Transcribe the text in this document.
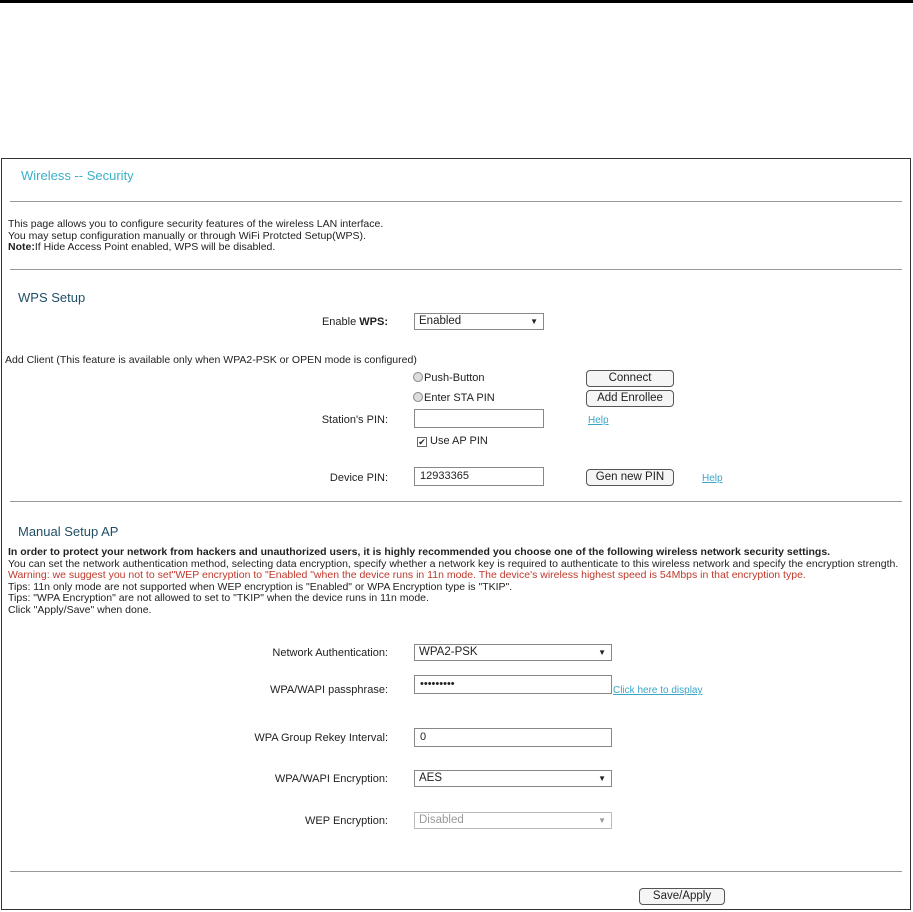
Wireless -- Security
This page allows you to configure security features of the wireless LAN interface.
You may setup configuration manually or through WiFi Protcted Setup(WPS).
Note:If Hide Access Point enabled, WPS will be disabled.
WPS Setup
Enable WPS:	Enabled	▼
Add Client (This feature is available only when WPA2-PSK or OPEN mode is configured)
Push-Button	Connect
Enter STA PIN	Add Enrollee
Station's PIN:	Help
✔ Use AP PIN
Device PIN:	12933365	Gen new PIN	Help
Manual Setup AP
In order to protect your network from hackers and unauthorized users, it is highly recommended you choose one of the following wireless network security settings.
You can set the network authentication method, selecting data encryption, specify whether a network key is required to authenticate to this wireless network and specify the encryption strength.
Warning: we suggest you not to set"WEP encryption to "Enabled "when the device runs in 11n mode. The device's wireless highest speed is 54Mbps in that encryption type.
Tips: 11n only mode are not supported when WEP encryption is "Enabled" or WPA Encryption type is "TKIP".
Tips: "WPA Encryption" are not allowed to set to "TKIP" when the device runs in 11n mode.
Click "Apply/Save" when done.
Network Authentication:	WPA2-PSK	▼
WPA/WAPI passphrase:	•••••••••
Click here to display
WPA Group Rekey Interval:	0
WPA/WAPI Encryption:	AES	▼
WEP Encryption:	Disabled	▼
Save/Apply
